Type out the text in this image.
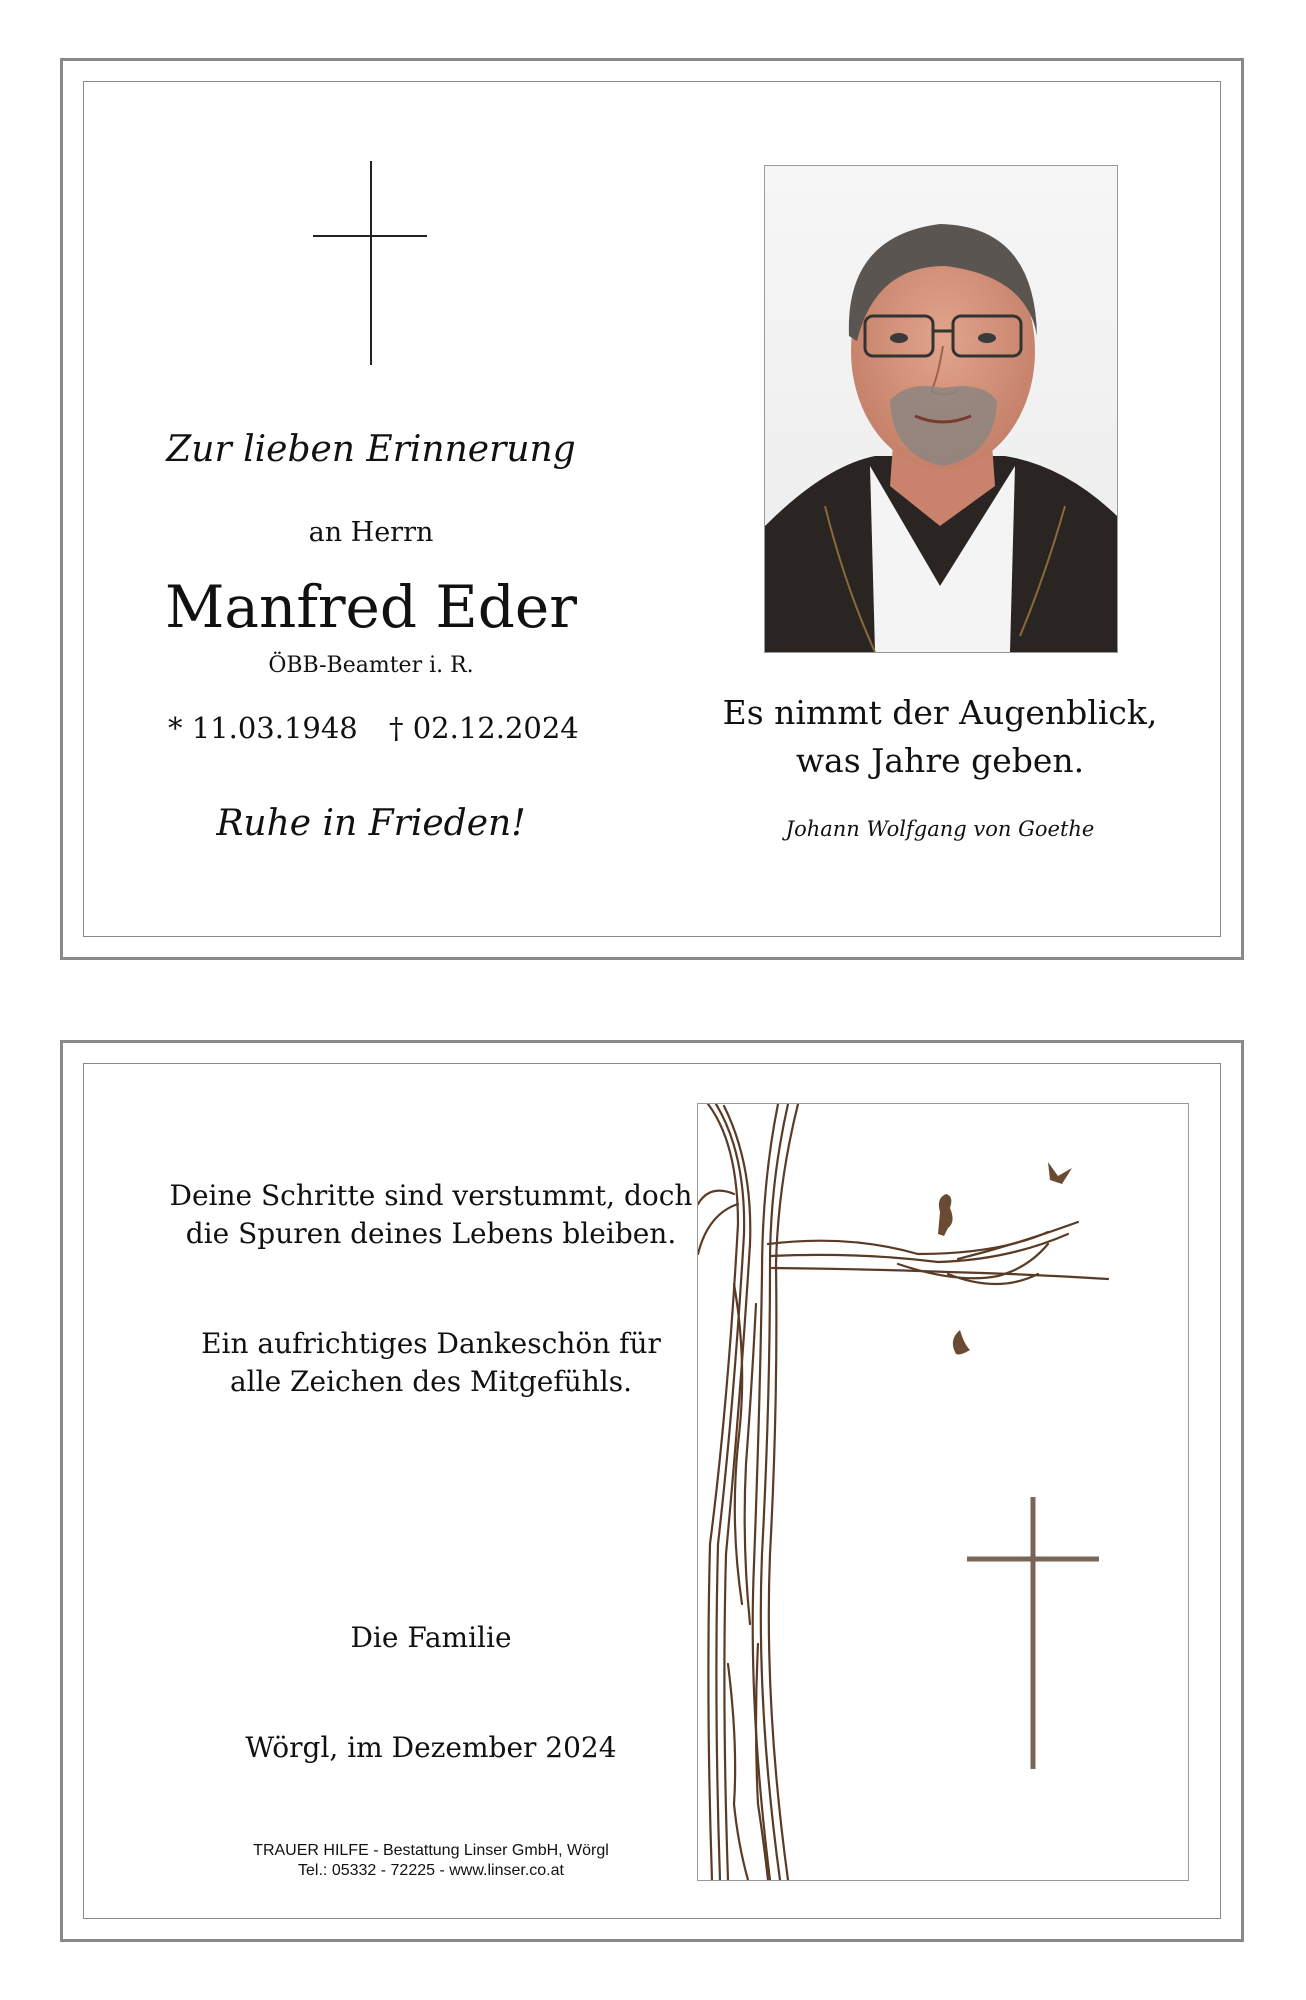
Zur lieben Erinnerung
an Herrn
Manfred Eder
ÖBB-Beamter i. R.
* 11.03.1948 † 02.12.2024
Ruhe in Frieden!
Es nimmt der Augenblick,
was Jahre geben.
Johann Wolfgang von Goethe
Deine Schritte sind verstummt, doch
die Spuren deines Lebens bleiben.
Ein aufrichtiges Dankeschön für
alle Zeichen des Mitgefühls.
Die Familie
Wörgl, im Dezember 2024
TRAUER HILFE - Bestattung Linser GmbH, Wörgl
Tel.: 05332 - 72225 - www.linser.co.at
